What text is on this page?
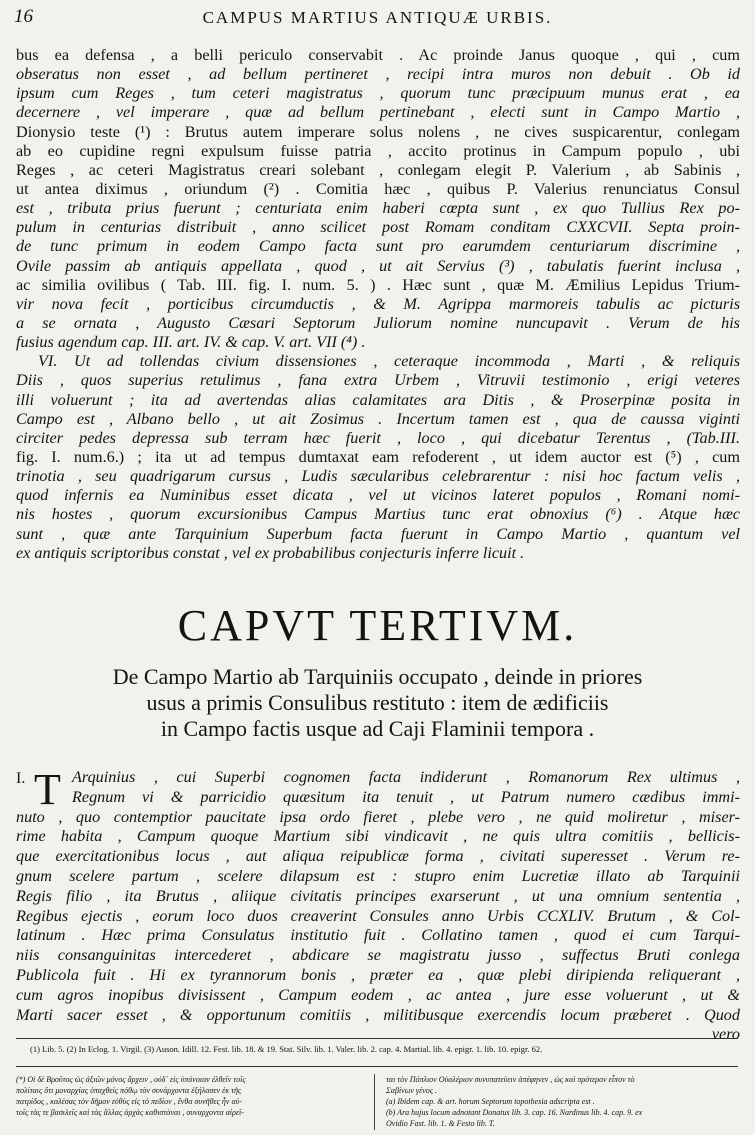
16	CAMPUS MARTIUS ANTIQUÆ URBIS.
bus ea defensa , a belli periculo conservabit . Ac proinde Janus quoque , qui , cum
obseratus non esset , ad bellum pertineret , recipi intra muros non debuit . Ob id
ipsum cum Reges , tum ceteri magistratus , quorum tunc præcipuum munus erat , ea
decernere , vel imperare , quæ ad bellum pertinebant , electi sunt in Campo Martio ,
Dionysio teste (¹) : Brutus autem imperare solus nolens , ne cives suspicarentur, conlegam
ab eo cupidine regni expulsum fuisse patria , accito protinus in Campum populo , ubi
Reges , ac ceteri Magistratus creari solebant , conlegam elegit P. Valerium , ab Sabinis ,
ut antea diximus , oriundum (²) . Comitia hæc , quibus P. Valerius renunciatus Consul
est , tributa prius fuerunt ; centuriata enim haberi cœpta sunt , ex quo Tullius Rex po-
pulum in centurias distribuit , anno scilicet post Romam conditam CXXCVII. Septa proin-
de tunc primum in eodem Campo facta sunt pro earumdem centuriarum discrimine ,
Ovile passim ab antiquis appellata , quod , ut ait Servius (³) , tabulatis fuerint inclusa ,
ac similia ovilibus ( Tab. III. fig. I. num. 5. ) . Hæc sunt , quæ M. Æmilius Lepidus Trium-
vir nova fecit , porticibus circumductis , & M. Agrippa marmoreis tabulis ac picturis
a se ornata , Augusto Cæsari Septorum Juliorum nomine nuncupavit . Verum de his
fusius agendum cap. III. art. IV. & cap. V. art. VII (⁴) .
VI. Ut ad tollendas civium dissensiones , ceteraque incommoda , Marti , & reliquis
Diis , quos superius retulimus , fana extra Urbem , Vitruvii testimonio , erigi veteres
illi voluerunt ; ita ad avertendas alias calamitates ara Ditis , & Proserpinæ posita in
Campo est , Albano bello , ut ait Zosimus . Incertum tamen est , qua de caussa viginti
circiter pedes depressa sub terram hæc fuerit , loco , qui dicebatur Terentus , (Tab.III.
fig. I. num.6.) ; ita ut ad tempus dumtaxat eam refoderent , ut idem auctor est (⁵) , cum
trinotia , seu quadrigarum cursus , Ludis sæcularibus celebrarentur : nisi hoc factum velis ,
quod infernis ea Numinibus esset dicata , vel ut vicinos lateret populos , Romani nomi-
nis hostes , quorum excursionibus Campus Martius tunc erat obnoxius (⁶) . Atque hæc
sunt , quæ ante Tarquinium Superbum facta fuerunt in Campo Martio , quantum vel
ex antiquis scriptoribus constat , vel ex probabilibus conjecturis inferre licuit .
CAPVT TERTIVM.
De Campo Martio ab Tarquiniis occupato , deinde in priores
usus a primis Consulibus restituto : item de ædificiis
in Campo factis usque ad Caji Flaminii tempora .
I. T Arquinius , cui Superbi cognomen facta indiderunt , Romanorum Rex ultimus ,
Regnum vi & parricidio quæsitum ita tenuit , ut Patrum numero cædibus immi-
nuto , quo contemptior paucitate ipsa ordo fieret , plebe vero , ne quid moliretur , miser-
rime habita , Campum quoque Martium sibi vindicavit , ne quis ultra comitiis , bellicis-
que exercitationibus locus , aut aliqua reipublicæ forma , civitati superesset . Verum re-
gnum scelere partum , scelere dilapsum est : stupro enim Lucretiæ illato ab Tarquinii
Regis filio , ita Brutus , aliique civitatis principes exarserunt , ut una omnium sententia ,
Regibus ejectis , eorum loco duos creaverint Consules anno Urbis CCXLIV. Brutum , & Col-
latinum . Hæc prima Consulatus institutio fuit . Collatino tamen , quod ei cum Tarqui-
niis consanguinitas intercederet , abdicare se magistratu jusso , suffectus Bruti conlega
Publicola fuit . Hi ex tyrannorum bonis , præter ea , quæ plebi diripienda reliquerant ,
cum agros inopibus divisissent , Campum eodem , ac antea , jure esse voluerunt , ut &
Marti sacer esset , & opportunum comitiis , militibusque exercendis locum præberet . Quod
vero
(1) Lib. 5. (2) In Eclog. 1. Virgil. (3) Auson. Idill. 12. Fest. lib. 18. & 19. Stat. Silv. lib. 1. Valer. lib. 2. cap. 4. Martial. lib. 4. epigr. 1. lib. 10. epigr. 62.
(*) Οἱ δὲ Βροῦτος ὡς ἀξιῶν μόνος ἄρχειν , οὐδ᾽ εἰς ὑπόνοιαν ἐλθεῖν τοῖς
πολίταις ὅτι μοναρχίας ὑπαχθεὶς πόθῳ τὸν συνάρχοντα ἐξήλασεν ἐκ τῆς
πατρίδος , καλέσας τὸν δῆμον εὐθὺς εἰς τὸ πεδίον , ἔνθα συνῆθες ἦν αὐ-
τοῖς τὰς τε βασιλεῖς καὶ τὰς ἄλλας ἀρχὰς καθιστάναι , συναρχοντα αἱρεῖ-
ται τὸν Πόπλιον Οὐαλέριον συνυπατεύειν ἀπέφηνεν , ὡς καὶ πρότερον εἶπον τὸ
Σαβίνων γένος .
(a) Ibidem cap. & art. horum Septorum topothesia adscripta est .
(b) Ara hujus locum adnotant Donatus lib. 3. cap. 16. Nardinus lib. 4. cap. 9. ex
Ovidio Fast. lib. 1. & Festo lib. T.
